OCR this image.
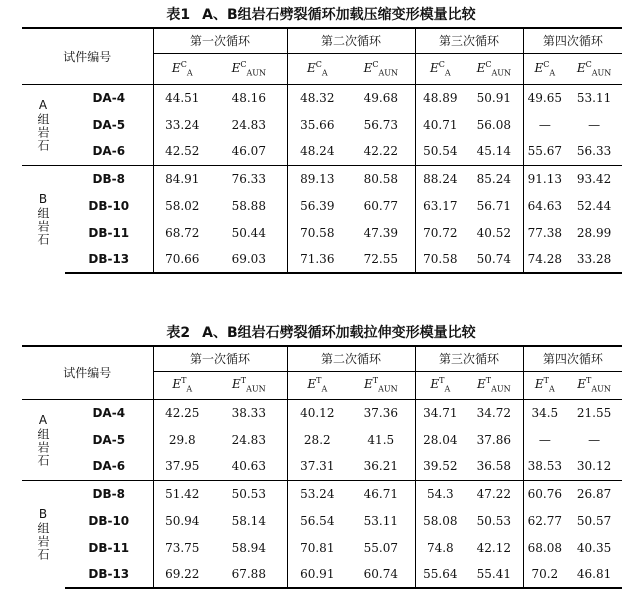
表1 A、B组岩石劈裂循环加载压缩变形模量比较
试件编号		第一次循环		第二次循环		第三次循环		第四次循环	
		$E^C_A$	$E^C_{AUN}$	$E^C_A$	$E^C_{AUN}$	$E^C_A$	$E^C_{AUN}$	$E^C_A$	$E^C_{AUN}$
A组岩石	DA-4	44.51	48.16	48.32	49.68	48.89	50.91	49.65	53.11
	DA-5	33.24	24.83	35.66	56.73	40.71	56.08	—	—
	DA-6	42.52	46.07	48.24	42.22	50.54	45.14	55.67	56.33
B组岩石	DB-8	84.91	76.33	89.13	80.58	88.24	85.24	91.13	93.42
	DB-10	58.02	58.88	56.39	60.77	63.17	56.71	64.63	52.44
	DB-11	68.72	50.44	70.58	47.39	70.72	40.52	77.38	28.99
	DB-13	70.66	69.03	71.36	72.55	70.58	50.74	74.28	33.28
表2 A、B组岩石劈裂循环加载拉伸变形模量比较
试件编号		第一次循环		第二次循环		第三次循环		第四次循环	
		$E^T_A$	$E^T_{AUN}$	$E^T_A$	$E^T_{AUN}$	$E^T_A$	$E^T_{AUN}$	$E^T_A$	$E^T_{AUN}$
A组岩石	DA-4	42.25	38.33	40.12	37.36	34.71	34.72	34.5	21.55
	DA-5	29.8	24.83	28.2	41.5	28.04	37.86	—	—
	DA-6	37.95	40.63	37.31	36.21	39.52	36.58	38.53	30.12
B组岩石	DB-8	51.42	50.53	53.24	46.71	54.3	47.22	60.76	26.87
	DB-10	50.94	58.14	56.54	53.11	58.08	50.53	62.77	50.57
	DB-11	73.75	58.94	70.81	55.07	74.8	42.12	68.08	40.35
	DB-13	69.22	67.88	60.91	60.74	55.64	55.41	70.2	46.81
